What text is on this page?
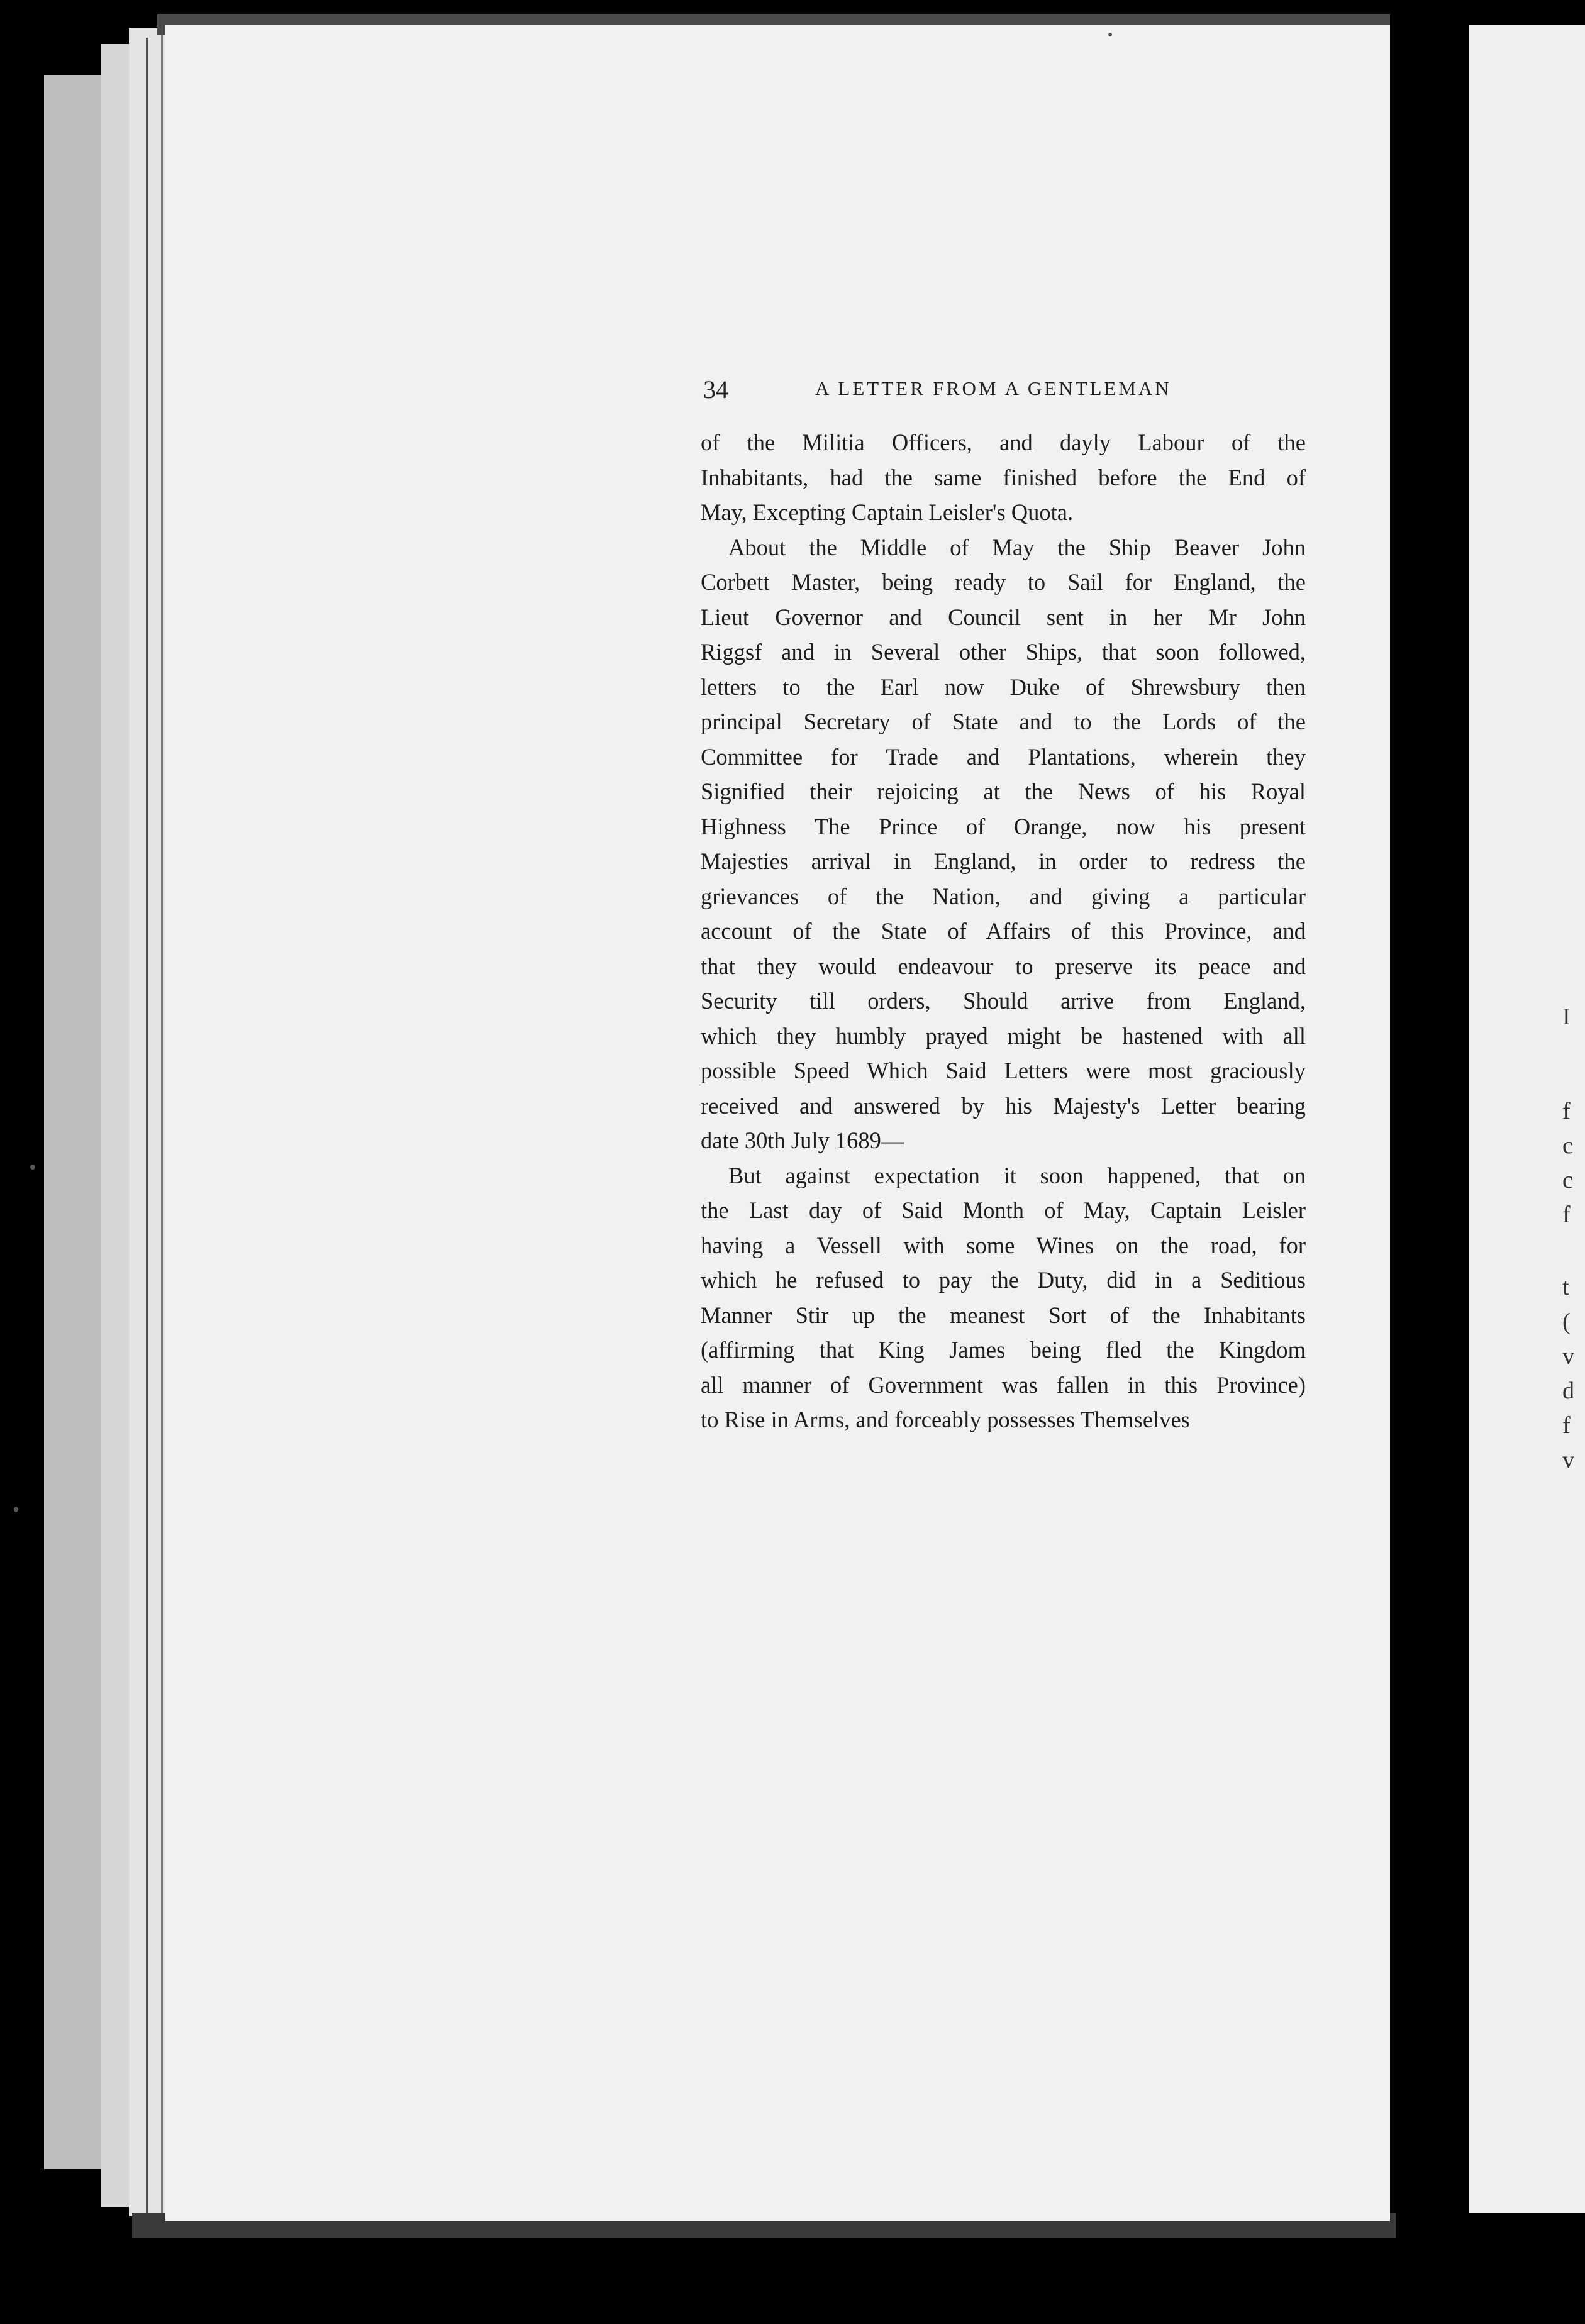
I
f
c
c
f
t
(
v
d
f
v
34	A LETTER FROM A GENTLEMAN
of the Militia Officers, and dayly Labour of the
Inhabitants, had the same finished before the End of
May, Excepting Captain Leisler's Quota.
About the Middle of May the Ship Beaver John
Corbett Master, being ready to Sail for England, the
Lieut Governor and Council sent in her Mr John
Riggsf and in Several other Ships, that soon followed,
letters to the Earl now Duke of Shrewsbury then
principal Secretary of State and to the Lords of the
Committee for Trade and Plantations, wherein they
Signified their rejoicing at the News of his Royal
Highness The Prince of Orange, now his present
Majesties arrival in England, in order to redress the
grievances of the Nation, and giving a particular
account of the State of Affairs of this Province, and
that they would endeavour to preserve its peace and
Security till orders, Should arrive from England,
which they humbly prayed might be hastened with all
possible Speed Which Said Letters were most graciously
received and answered by his Majesty's Letter bearing
date 30th July 1689—
But against expectation it soon happened, that on
the Last day of Said Month of May, Captain Leisler
having a Vessell with some Wines on the road, for
which he refused to pay the Duty, did in a Seditious
Manner Stir up the meanest Sort of the Inhabitants
(affirming that King James being fled the Kingdom
all manner of Government was fallen in this Province)
to Rise in Arms, and forceably possesses Themselves
